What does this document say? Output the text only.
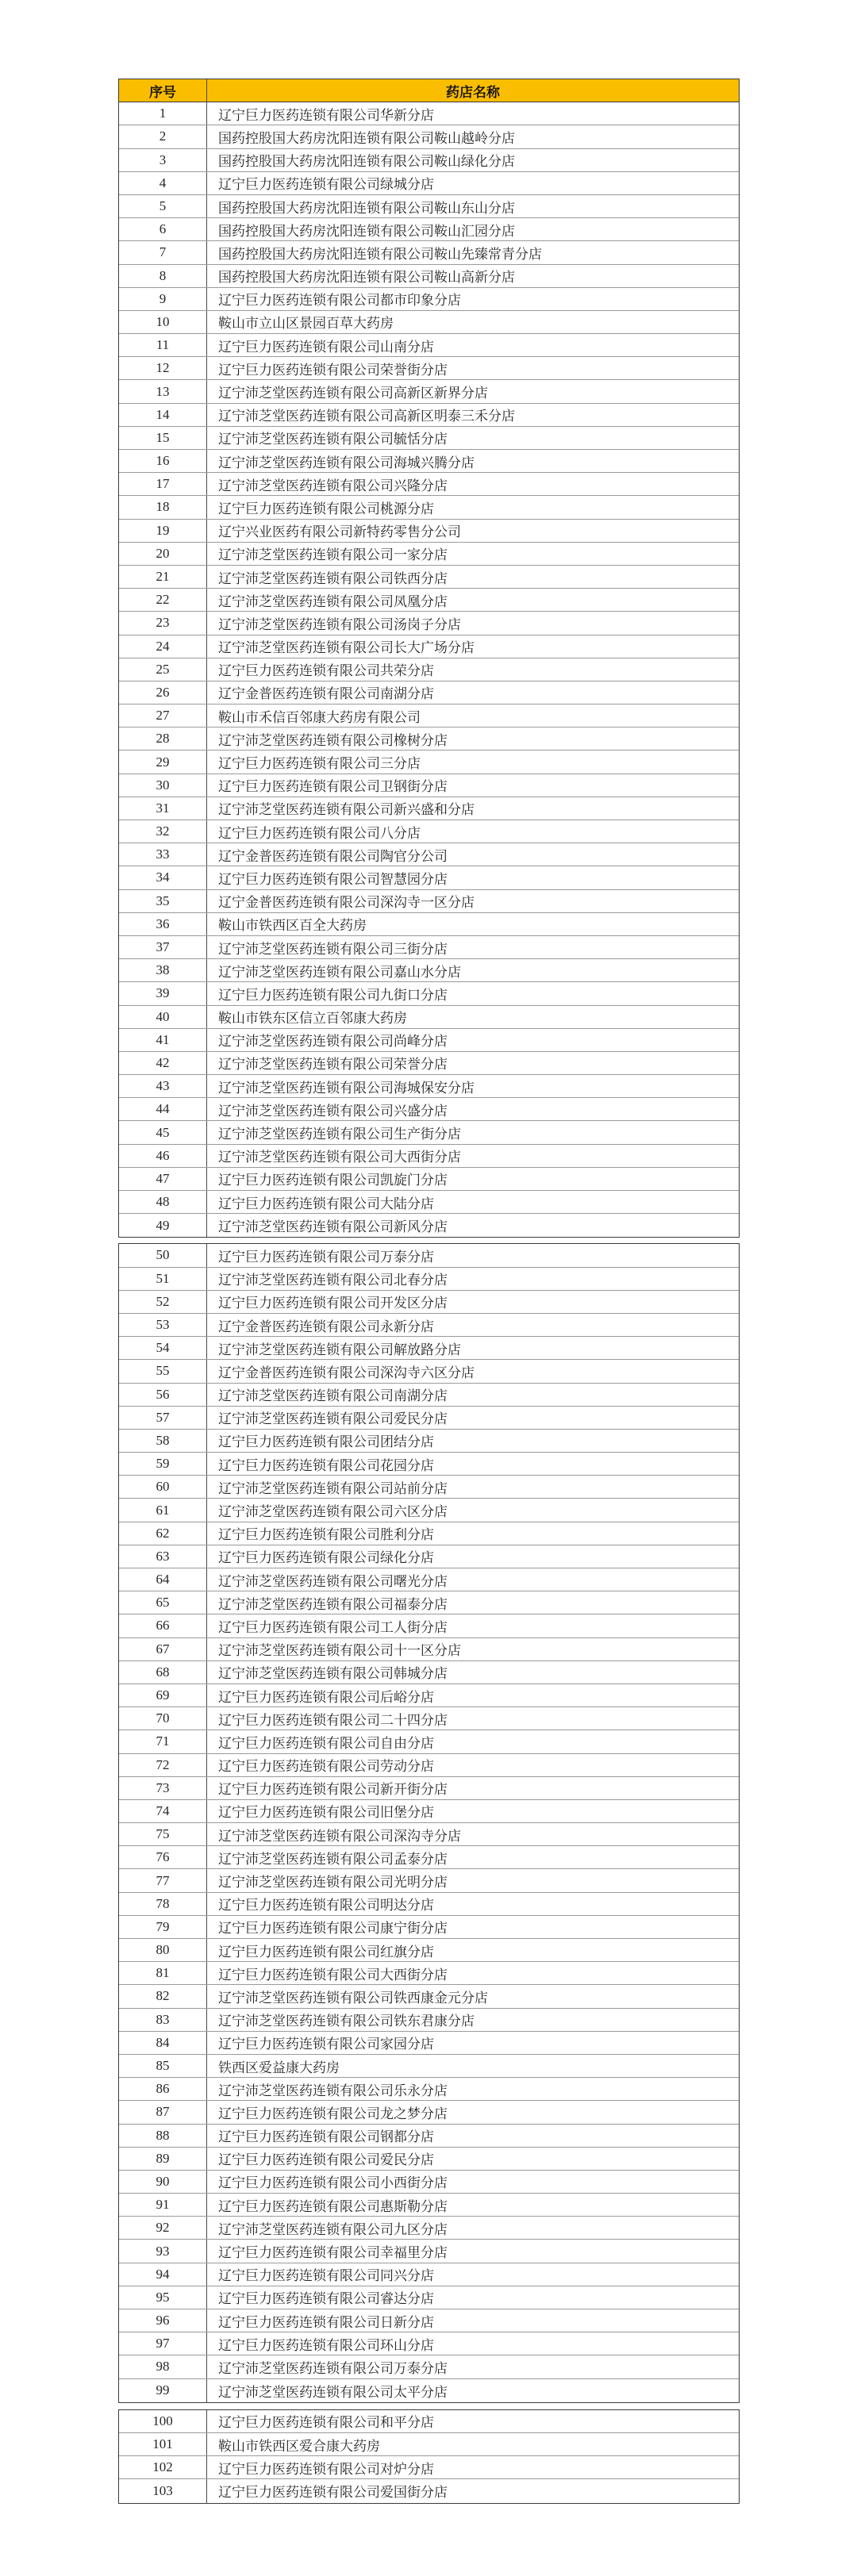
序号	药店名称
1	辽宁巨力医药连锁有限公司华新分店
2	国药控股国大药房沈阳连锁有限公司鞍山越岭分店
3	国药控股国大药房沈阳连锁有限公司鞍山绿化分店
4	辽宁巨力医药连锁有限公司绿城分店
5	国药控股国大药房沈阳连锁有限公司鞍山东山分店
6	国药控股国大药房沈阳连锁有限公司鞍山汇园分店
7	国药控股国大药房沈阳连锁有限公司鞍山先臻常青分店
8	国药控股国大药房沈阳连锁有限公司鞍山高新分店
9	辽宁巨力医药连锁有限公司都市印象分店
10	鞍山市立山区景园百草大药房
11	辽宁巨力医药连锁有限公司山南分店
12	辽宁巨力医药连锁有限公司荣誉街分店
13	辽宁沛芝堂医药连锁有限公司高新区新界分店
14	辽宁沛芝堂医药连锁有限公司高新区明泰三禾分店
15	辽宁沛芝堂医药连锁有限公司毓恬分店
16	辽宁沛芝堂医药连锁有限公司海城兴腾分店
17	辽宁沛芝堂医药连锁有限公司兴隆分店
18	辽宁巨力医药连锁有限公司桃源分店
19	辽宁兴业医药有限公司新特药零售分公司
20	辽宁沛芝堂医药连锁有限公司一家分店
21	辽宁沛芝堂医药连锁有限公司铁西分店
22	辽宁沛芝堂医药连锁有限公司凤凰分店
23	辽宁沛芝堂医药连锁有限公司汤岗子分店
24	辽宁沛芝堂医药连锁有限公司长大广场分店
25	辽宁巨力医药连锁有限公司共荣分店
26	辽宁金普医药连锁有限公司南湖分店
27	鞍山市禾信百邻康大药房有限公司
28	辽宁沛芝堂医药连锁有限公司橡树分店
29	辽宁巨力医药连锁有限公司三分店
30	辽宁巨力医药连锁有限公司卫钢街分店
31	辽宁沛芝堂医药连锁有限公司新兴盛和分店
32	辽宁巨力医药连锁有限公司八分店
33	辽宁金普医药连锁有限公司陶官分公司
34	辽宁巨力医药连锁有限公司智慧园分店
35	辽宁金普医药连锁有限公司深沟寺一区分店
36	鞍山市铁西区百全大药房
37	辽宁沛芝堂医药连锁有限公司三街分店
38	辽宁沛芝堂医药连锁有限公司嘉山水分店
39	辽宁巨力医药连锁有限公司九街口分店
40	鞍山市铁东区信立百邻康大药房
41	辽宁沛芝堂医药连锁有限公司尚峰分店
42	辽宁沛芝堂医药连锁有限公司荣誉分店
43	辽宁沛芝堂医药连锁有限公司海城保安分店
44	辽宁沛芝堂医药连锁有限公司兴盛分店
45	辽宁沛芝堂医药连锁有限公司生产街分店
46	辽宁沛芝堂医药连锁有限公司大西街分店
47	辽宁巨力医药连锁有限公司凯旋门分店
48	辽宁巨力医药连锁有限公司大陆分店
49	辽宁沛芝堂医药连锁有限公司新风分店
50	辽宁巨力医药连锁有限公司万泰分店
51	辽宁沛芝堂医药连锁有限公司北春分店
52	辽宁巨力医药连锁有限公司开发区分店
53	辽宁金普医药连锁有限公司永新分店
54	辽宁沛芝堂医药连锁有限公司解放路分店
55	辽宁金普医药连锁有限公司深沟寺六区分店
56	辽宁沛芝堂医药连锁有限公司南湖分店
57	辽宁沛芝堂医药连锁有限公司爱民分店
58	辽宁巨力医药连锁有限公司团结分店
59	辽宁巨力医药连锁有限公司花园分店
60	辽宁沛芝堂医药连锁有限公司站前分店
61	辽宁沛芝堂医药连锁有限公司六区分店
62	辽宁巨力医药连锁有限公司胜利分店
63	辽宁巨力医药连锁有限公司绿化分店
64	辽宁沛芝堂医药连锁有限公司曙光分店
65	辽宁沛芝堂医药连锁有限公司福泰分店
66	辽宁巨力医药连锁有限公司工人街分店
67	辽宁沛芝堂医药连锁有限公司十一区分店
68	辽宁沛芝堂医药连锁有限公司韩城分店
69	辽宁巨力医药连锁有限公司后峪分店
70	辽宁巨力医药连锁有限公司二十四分店
71	辽宁巨力医药连锁有限公司自由分店
72	辽宁巨力医药连锁有限公司劳动分店
73	辽宁巨力医药连锁有限公司新开街分店
74	辽宁巨力医药连锁有限公司旧堡分店
75	辽宁沛芝堂医药连锁有限公司深沟寺分店
76	辽宁沛芝堂医药连锁有限公司孟泰分店
77	辽宁沛芝堂医药连锁有限公司光明分店
78	辽宁巨力医药连锁有限公司明达分店
79	辽宁巨力医药连锁有限公司康宁街分店
80	辽宁巨力医药连锁有限公司红旗分店
81	辽宁巨力医药连锁有限公司大西街分店
82	辽宁沛芝堂医药连锁有限公司铁西康金元分店
83	辽宁沛芝堂医药连锁有限公司铁东君康分店
84	辽宁巨力医药连锁有限公司家园分店
85	铁西区爱益康大药房
86	辽宁沛芝堂医药连锁有限公司乐永分店
87	辽宁巨力医药连锁有限公司龙之梦分店
88	辽宁巨力医药连锁有限公司钢都分店
89	辽宁巨力医药连锁有限公司爱民分店
90	辽宁巨力医药连锁有限公司小西街分店
91	辽宁巨力医药连锁有限公司惠斯勒分店
92	辽宁沛芝堂医药连锁有限公司九区分店
93	辽宁巨力医药连锁有限公司幸福里分店
94	辽宁巨力医药连锁有限公司同兴分店
95	辽宁巨力医药连锁有限公司睿达分店
96	辽宁巨力医药连锁有限公司日新分店
97	辽宁巨力医药连锁有限公司环山分店
98	辽宁沛芝堂医药连锁有限公司万泰分店
99	辽宁沛芝堂医药连锁有限公司太平分店
100	辽宁巨力医药连锁有限公司和平分店
101	鞍山市铁西区爱合康大药房
102	辽宁巨力医药连锁有限公司对炉分店
103	辽宁巨力医药连锁有限公司爱国街分店
